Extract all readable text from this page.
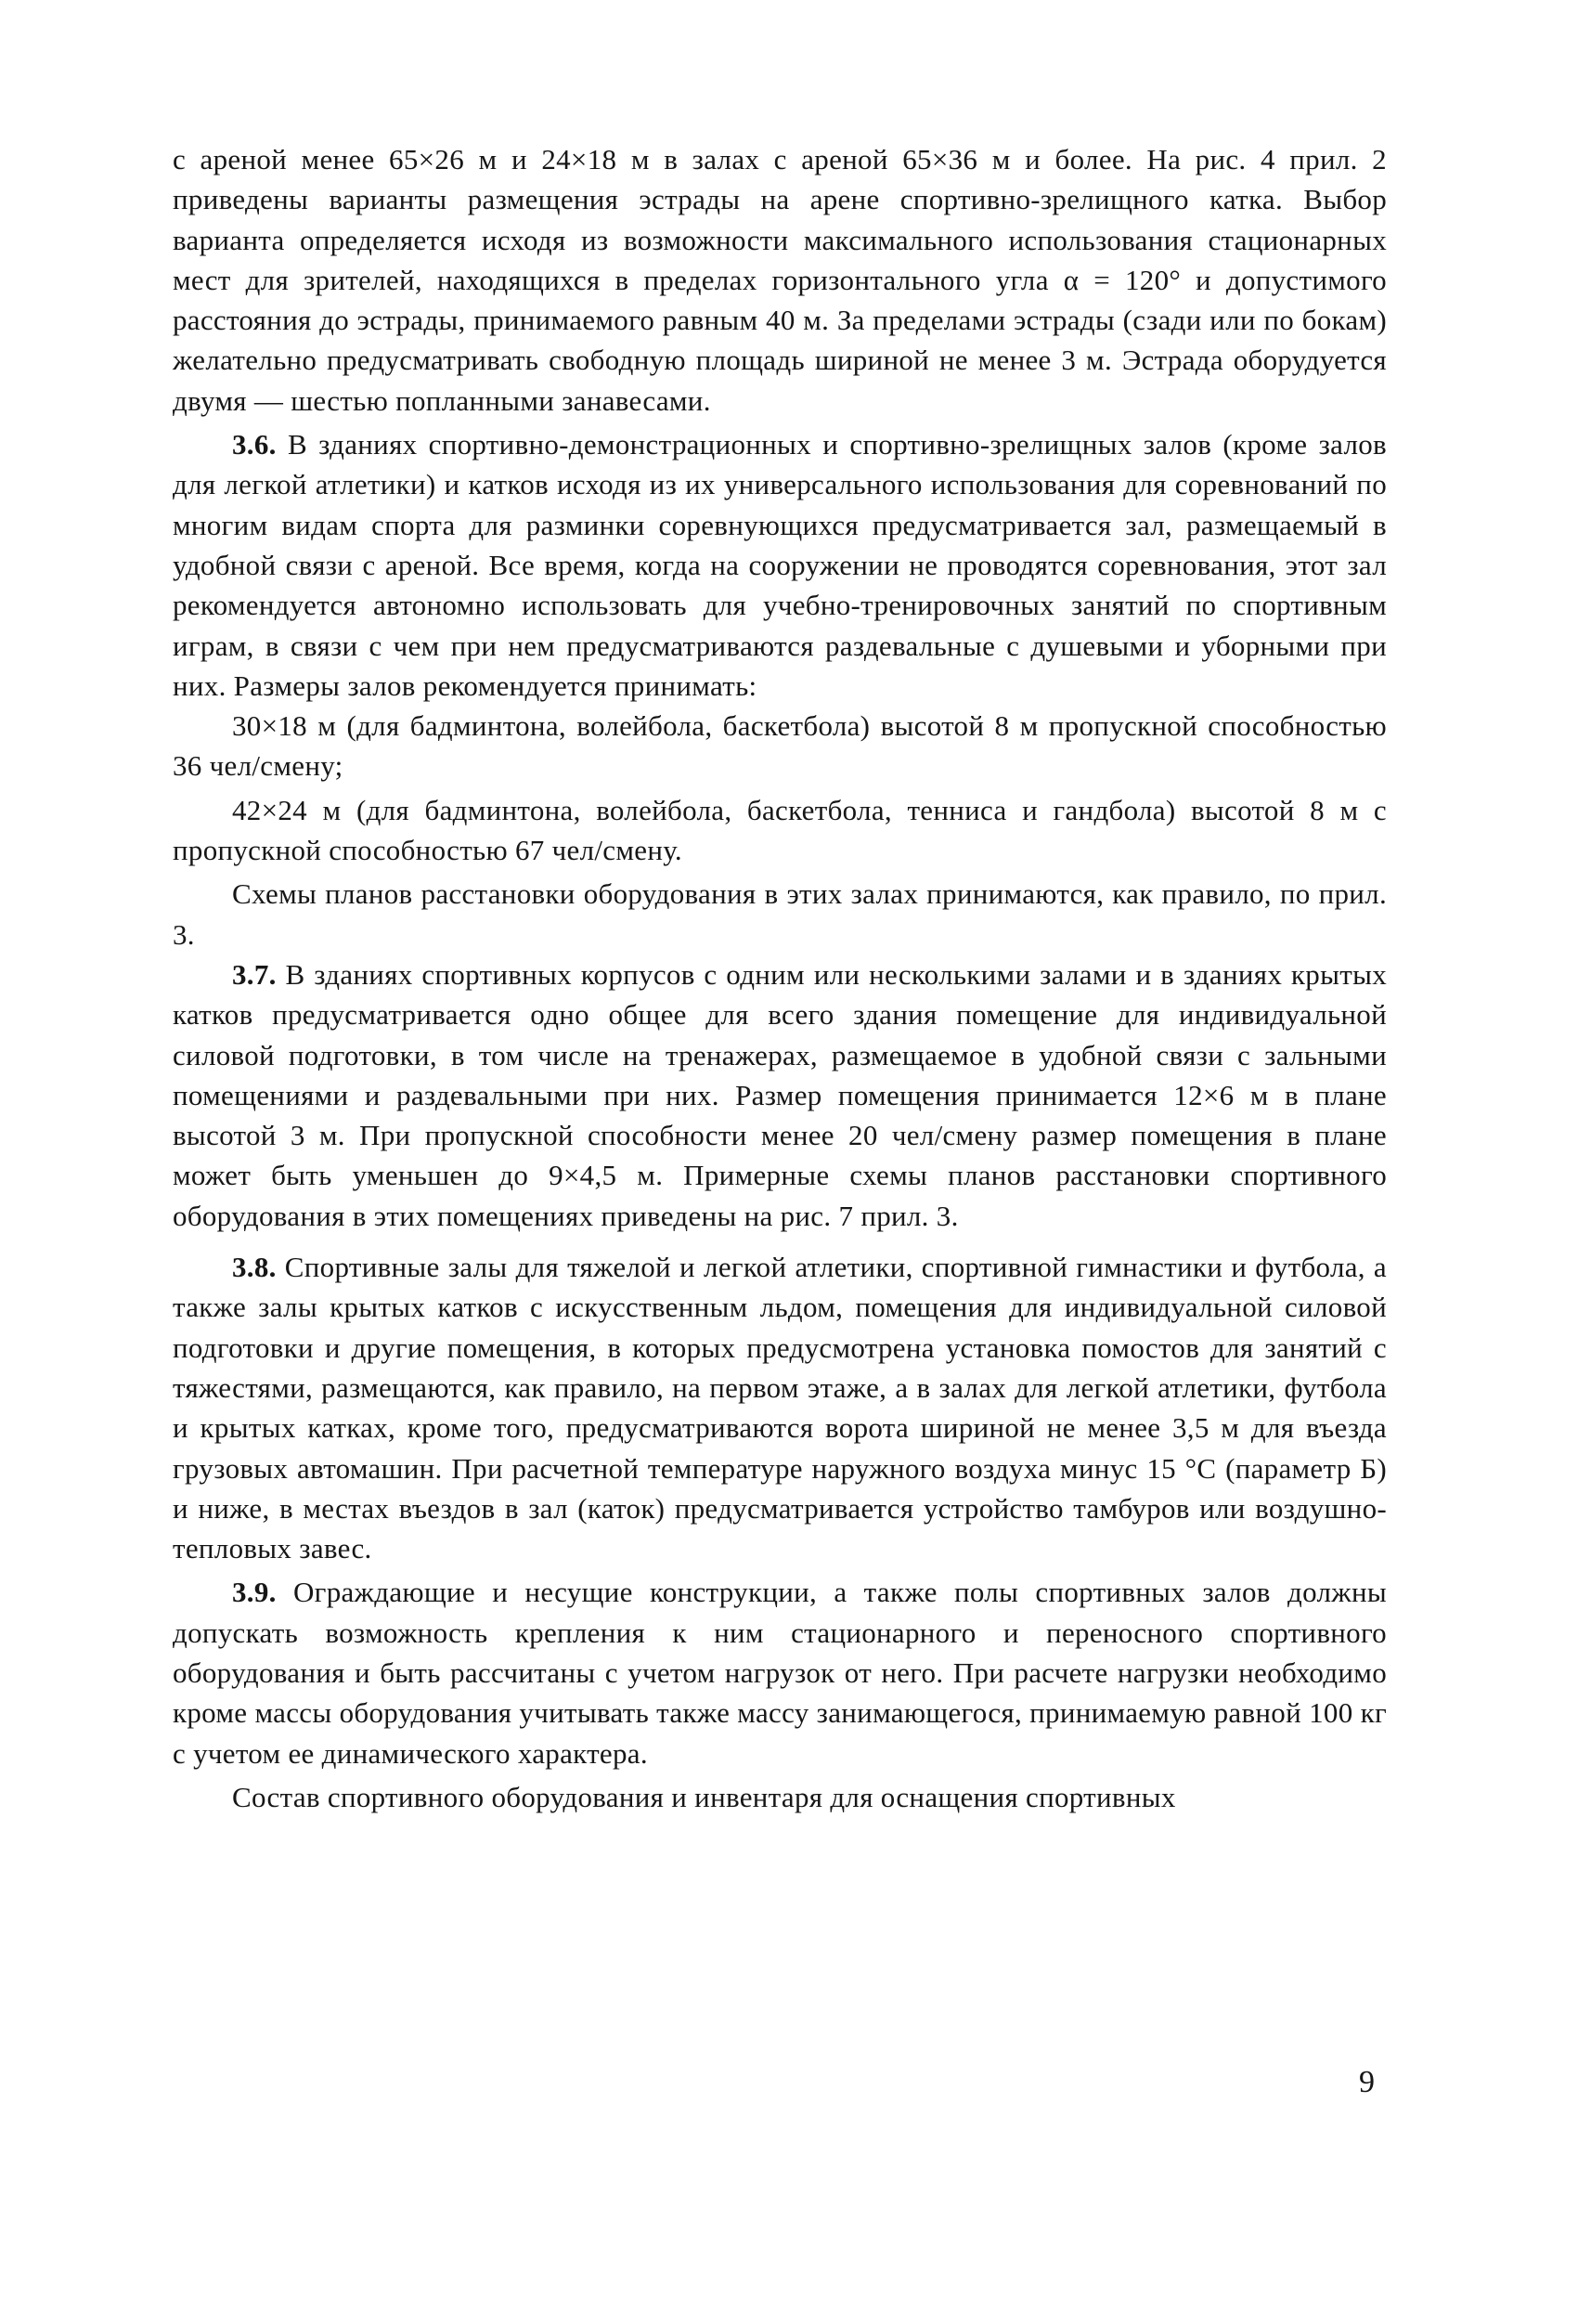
с ареной менее 65×26 м и 24×18 м в залах с ареной 65×36 м и более. На рис. 4 прил. 2 приведены варианты размещения эстрады на арене спортивно-зрелищного катка. Выбор варианта определяется исходя из возможности максимального использования стационарных мест для зрителей, находящихся в пределах горизонтального угла α = 120° и допустимого расстояния до эстрады, принимаемого равным 40 м. За пределами эстрады (сзади или по бокам) желательно предусматривать свободную площадь шириной не менее 3 м. Эстрада оборудуется двумя — шестью попланными занавесами.

3.6. В зданиях спортивно-демонстрационных и спортивно-зрелищных залов (кроме залов для легкой атлетики) и катков исходя из их универсального использования для соревнований по многим видам спорта для разминки соревнующихся предусматривается зал, размещаемый в удобной связи с ареной. Все время, когда на сооружении не проводятся соревнования, этот зал рекомендуется автономно использовать для учебно-тренировочных занятий по спортивным играм, в связи с чем при нем предусматриваются раздевальные с душевыми и уборными при них. Размеры залов рекомендуется принимать:

30×18 м (для бадминтона, волейбола, баскетбола) высотой 8 м пропускной способностью 36 чел/смену;

42×24 м (для бадминтона, волейбола, баскетбола, тенниса и гандбола) высотой 8 м с пропускной способностью 67 чел/смену.

Схемы планов расстановки оборудования в этих залах принимаются, как правило, по прил. 3.

3.7. В зданиях спортивных корпусов с одним или несколькими залами и в зданиях крытых катков предусматривается одно общее для всего здания помещение для индивидуальной силовой подготовки, в том числе на тренажерах, размещаемое в удобной связи с зальными помещениями и раздевальными при них. Размер помещения принимается 12×6 м в плане высотой 3 м. При пропускной способности менее 20 чел/смену размер помещения в плане может быть уменьшен до 9×4,5 м. Примерные схемы планов расстановки спортивного оборудования в этих помещениях приведены на рис. 7 прил. 3.

3.8. Спортивные залы для тяжелой и легкой атлетики, спортивной гимнастики и футбола, а также залы крытых катков с искусственным льдом, помещения для индивидуальной силовой подготовки и другие помещения, в которых предусмотрена установка помостов для занятий с тяжестями, размещаются, как правило, на первом этаже, а в залах для легкой атлетики, футбола и крытых катках, кроме того, предусматриваются ворота шириной не менее 3,5 м для въезда грузовых автомашин. При расчетной температуре наружного воздуха минус 15 °С (параметр Б) и ниже, в местах въездов в зал (каток) предусматривается устройство тамбуров или воздушно-тепловых завес.

3.9. Ограждающие и несущие конструкции, а также полы спортивных залов должны допускать возможность крепления к ним стационарного и переносного спортивного оборудования и быть рассчитаны с учетом нагрузок от него. При расчете нагрузки необходимо кроме массы оборудования учитывать также массу занимающегося, принимаемую равной 100 кг с учетом ее динамического характера.

Состав спортивного оборудования и инвентаря для оснащения спортивных

9
